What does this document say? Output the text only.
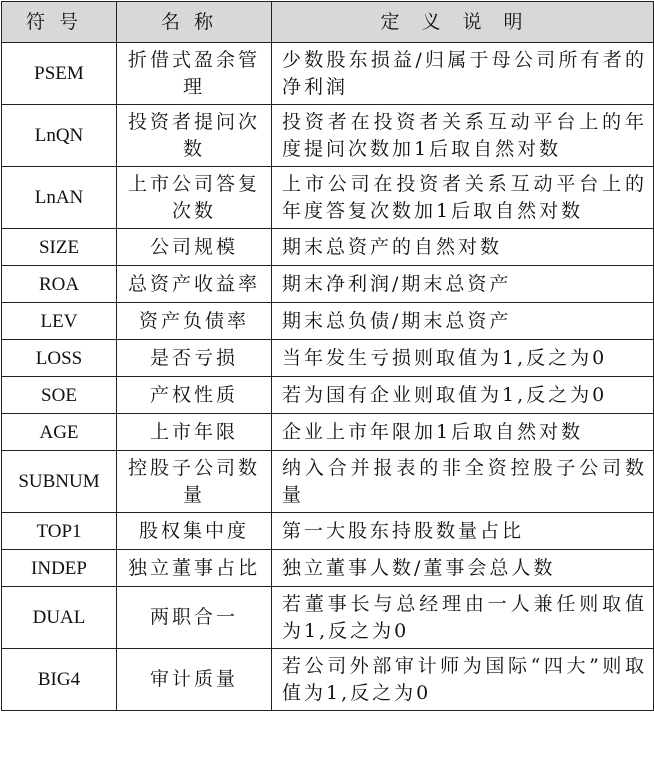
符号	名称	定义说明
PSEM	折借式盈余管理	少数股东损益/归属于母公司所有者的净利润
LnQN	投资者提问次数	投资者在投资者关系互动平台上的年度提问次数加1后取自然对数
LnAN	上市公司答复次数	上市公司在投资者关系互动平台上的年度答复次数加1后取自然对数
SIZE	公司规模	期末总资产的自然对数
ROA	总资产收益率	期末净利润/期末总资产
LEV	资产负债率	期末总负债/期末总资产
LOSS	是否亏损	当年发生亏损则取值为1,反之为0
SOE	产权性质	若为国有企业则取值为1,反之为0
AGE	上市年限	企业上市年限加1后取自然对数
SUBNUM	控股子公司数量	纳入合并报表的非全资控股子公司数量
TOP1	股权集中度	第一大股东持股数量占比
INDEP	独立董事占比	独立董事人数/董事会总人数
DUAL	两职合一	若董事长与总经理由一人兼任则取值为1,反之为0
BIG4	审计质量	若公司外部审计师为国际“四大”则取值为1,反之为0
